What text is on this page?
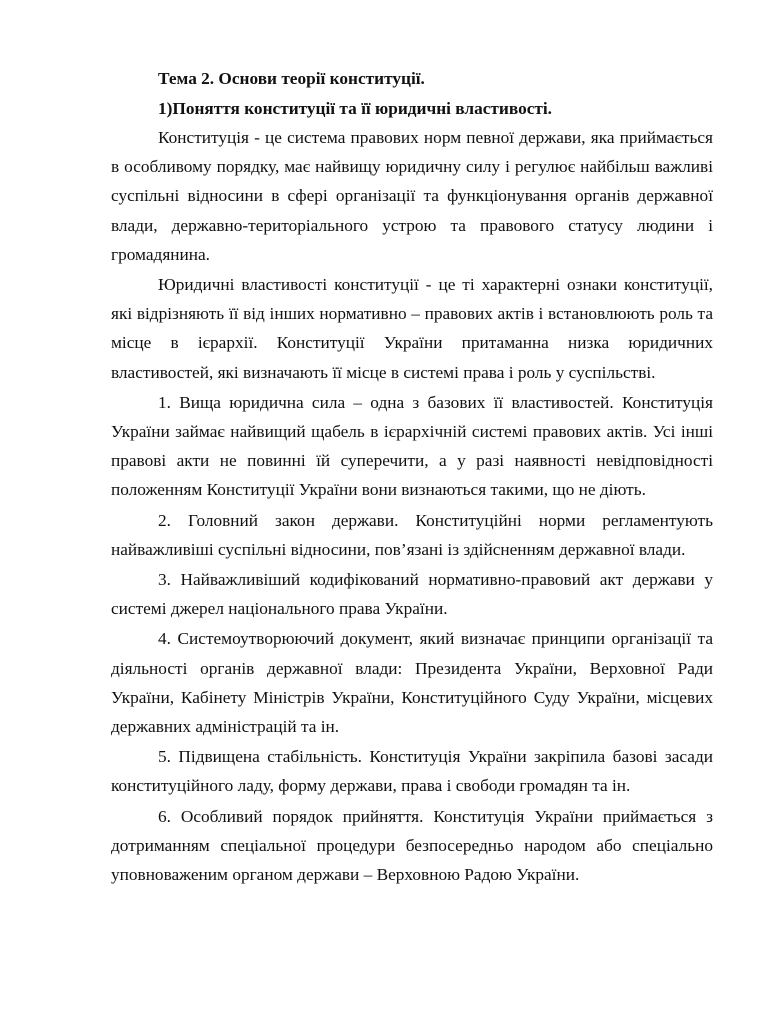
Тема 2. Основи теорії конституції.

1)Поняття конституції та її юридичні властивості.

Конституція - це система правових норм певної держави, яка приймається в особливому порядку, має найвищу юридичну силу і регулює найбільш важливі суспільні відносини в сфері організації та функціонування органів державної влади, державно-територіального устрою та правового статусу людини і громадянина.

Юридичні властивості конституції - це ті характерні ознаки конституції, які відрізняють її від інших нормативно – правових актів і встановлюють роль та місце в ієрархії. Конституції України притаманна низка юридичних властивостей, які визначають її місце в системі права і роль у суспільстві.

1. Вища юридична сила – одна з базових її властивостей. Конституція України займає найвищий щабель в ієрархічній системі правових актів. Усі інші правові акти не повинні їй суперечити, а у разі наявності невідповідності положенням Конституції України вони визнаються такими, що не діють.

2. Головний закон держави. Конституційні норми регламентують найважливіші суспільні відносини, пов’язані із здійсненням державної влади.

3. Найважливіший кодифікований нормативно-правовий акт держави у системі джерел національного права України.

4. Системоутворюючий документ, який визначає принципи організації та діяльності органів державної влади: Президента України, Верховної Ради України, Кабінету Міністрів України, Конституційного Суду України, місцевих державних адміністрацій та ін.

5. Підвищена стабільність. Конституція України закріпила базові засади конституційного ладу, форму держави, права і свободи громадян та ін.

6. Особливий порядок прийняття. Конституція України приймається з дотриманням спеціальної процедури безпосередньо народом або спеціально уповноваженим органом держави – Верховною Радою України.
